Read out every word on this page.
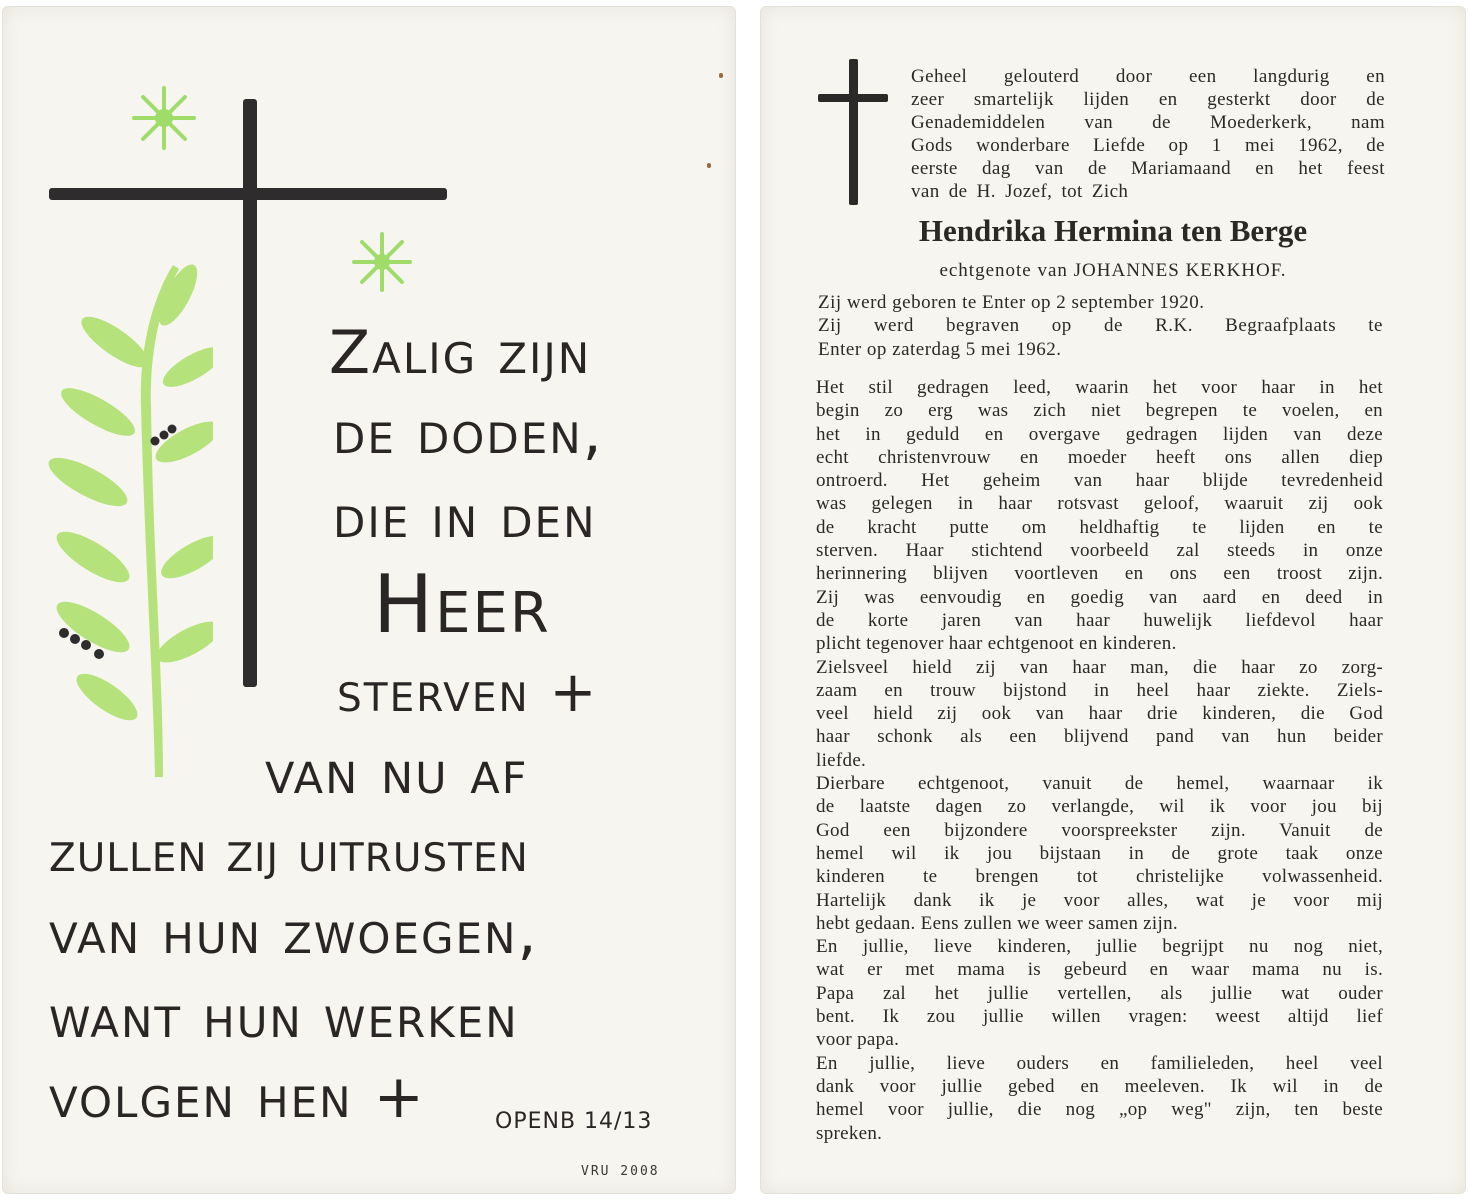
Zalig zijn

de doden,

die in den

Heer

sterven +

van nu af

zullen zij uitrusten

van hun zwoegen,

want hun werken

volgen hen +	OPENB 14/13
VRU 2008

Geheel gelouterd door een langdurig en
zeer smartelijk lijden en gesterkt door de
Genademiddelen van de Moederkerk, nam
Gods wonderbare Liefde op 1 mei 1962, de
eerste dag van de Mariamaand en het feest
van de H. Jozef, tot Zich

Hendrika Hermina ten Berge

echtgenote van JOHANNES KERKHOF.

Zij werd geboren te Enter op 2 september 1920.
Zij werd begraven op de R.K. Begraafplaats te
Enter op zaterdag 5 mei 1962.

Het stil gedragen leed, waarin het voor haar in het
begin zo erg was zich niet begrepen te voelen, en
het in geduld en overgave gedragen lijden van deze
echt christenvrouw en moeder heeft ons allen diep
ontroerd. Het geheim van haar blijde tevredenheid
was gelegen in haar rotsvast geloof, waaruit zij ook
de kracht putte om heldhaftig te lijden en te
sterven. Haar stichtend voorbeeld zal steeds in onze
herinnering blijven voortleven en ons een troost zijn.
Zij was eenvoudig en goedig van aard en deed in
de korte jaren van haar huwelijk liefdevol haar
plicht tegenover haar echtgenoot en kinderen.
Zielsveel hield zij van haar man, die haar zo zorg-
zaam en trouw bijstond in heel haar ziekte. Ziels-
veel hield zij ook van haar drie kinderen, die God
haar schonk als een blijvend pand van hun beider
liefde.
Dierbare echtgenoot, vanuit de hemel, waarnaar ik
de laatste dagen zo verlangde, wil ik voor jou bij
God een bijzondere voorspreekster zijn. Vanuit de
hemel wil ik jou bijstaan in de grote taak onze
kinderen te brengen tot christelijke volwassenheid.
Hartelijk dank ik je voor alles, wat je voor mij
hebt gedaan. Eens zullen we weer samen zijn.
En jullie, lieve kinderen, jullie begrijpt nu nog niet,
wat er met mama is gebeurd en waar mama nu is.
Papa zal het jullie vertellen, als jullie wat ouder
bent. Ik zou jullie willen vragen: weest altijd lief
voor papa.
En jullie, lieve ouders en familieleden, heel veel
dank voor jullie gebed en meeleven. Ik wil in de
hemel voor jullie, die nog „op weg" zijn, ten beste
spreken.
